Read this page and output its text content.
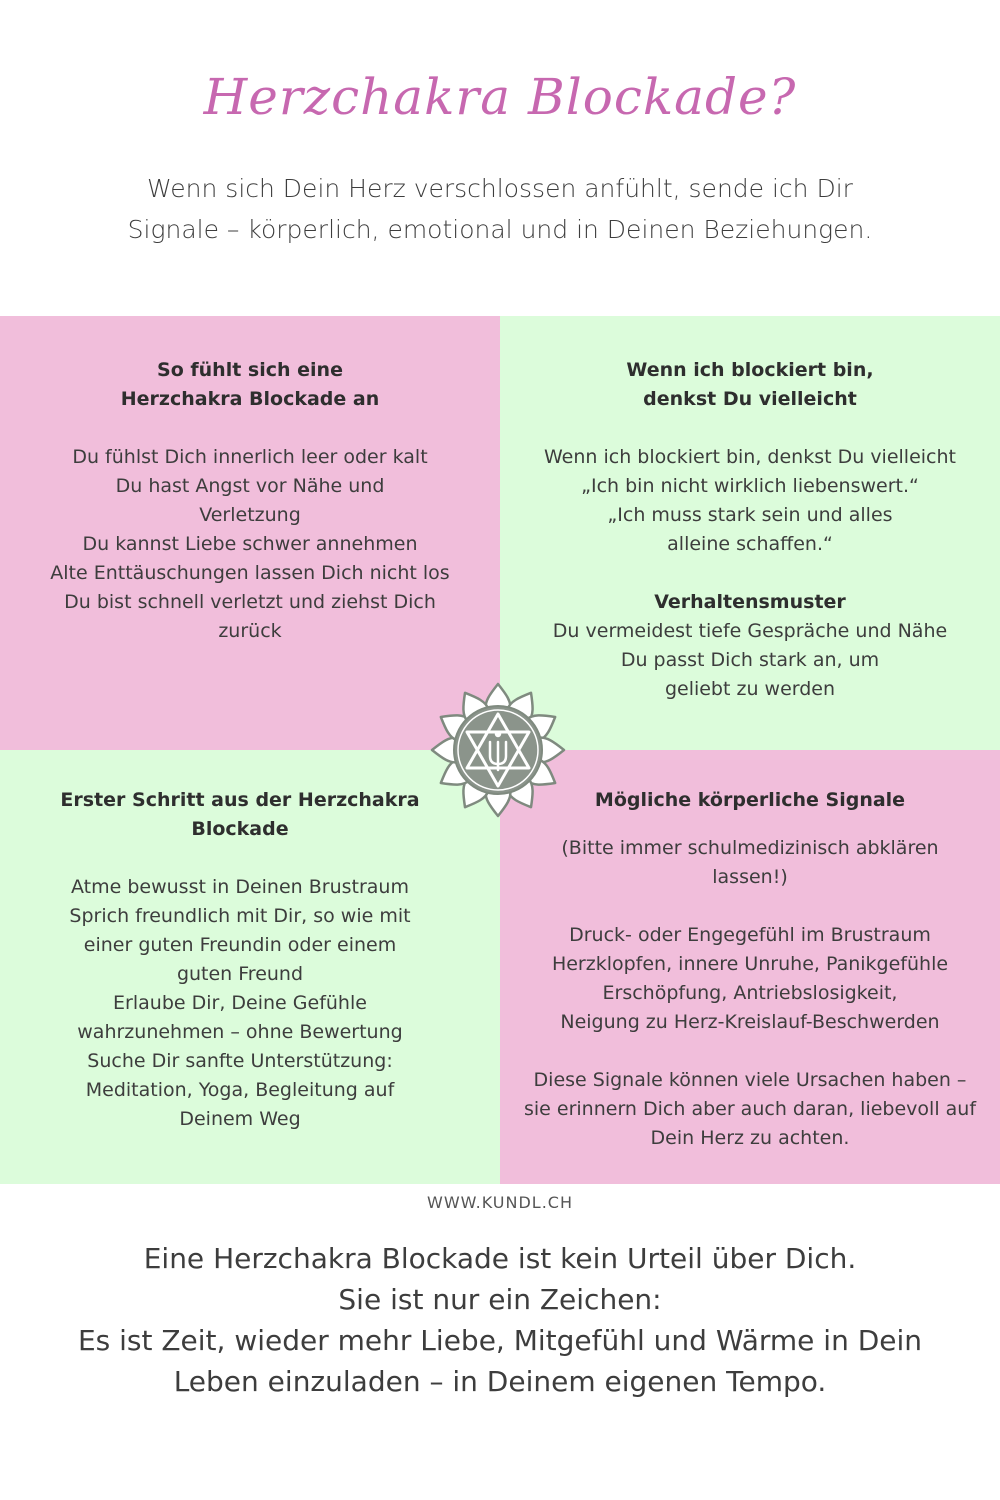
Herzchakra Blockade?
Wenn sich Dein Herz verschlossen anfühlt, sende ich Dir Signale – körperlich, emotional und in Deinen Beziehungen.
So fühlt sich eine Herzchakra Blockade an
Du fühlst Dich innerlich leer oder kalt
Du hast Angst vor Nähe und Verletzung
Du kannst Liebe schwer annehmen
Alte Enttäuschungen lassen Dich nicht los
Du bist schnell verletzt und ziehst Dich zurück
Wenn ich blockiert bin, denkst Du vielleicht
Wenn ich blockiert bin, denkst Du vielleicht
„Ich bin nicht wirklich liebenswert.“
„Ich muss stark sein und alles alleine schaffen.“
Verhaltensmuster
Du vermeidest tiefe Gespräche und Nähe
Du passt Dich stark an, um geliebt zu werden
Erster Schritt aus der Herzchakra Blockade
Atme bewusst in Deinen Brustraum
Sprich freundlich mit Dir, so wie mit einer guten Freundin oder einem guten Freund
Erlaube Dir, Deine Gefühle wahrzunehmen – ohne Bewertung
Suche Dir sanfte Unterstützung: Meditation, Yoga, Begleitung auf Deinem Weg
Mögliche körperliche Signale
(Bitte immer schulmedizinisch abklären lassen!)
Druck- oder Engegefühl im Brustraum
Herzklopfen, innere Unruhe, Panikgefühle
Erschöpfung, Antriebslosigkeit,
Neigung zu Herz-Kreislauf-Beschwerden
Diese Signale können viele Ursachen haben – sie erinnern Dich aber auch daran, liebevoll auf Dein Herz zu achten.
WWW.KUNDL.CH
Eine Herzchakra Blockade ist kein Urteil über Dich.
Sie ist nur ein Zeichen:
Es ist Zeit, wieder mehr Liebe, Mitgefühl und Wärme in Dein Leben einzuladen – in Deinem eigenen Tempo.
